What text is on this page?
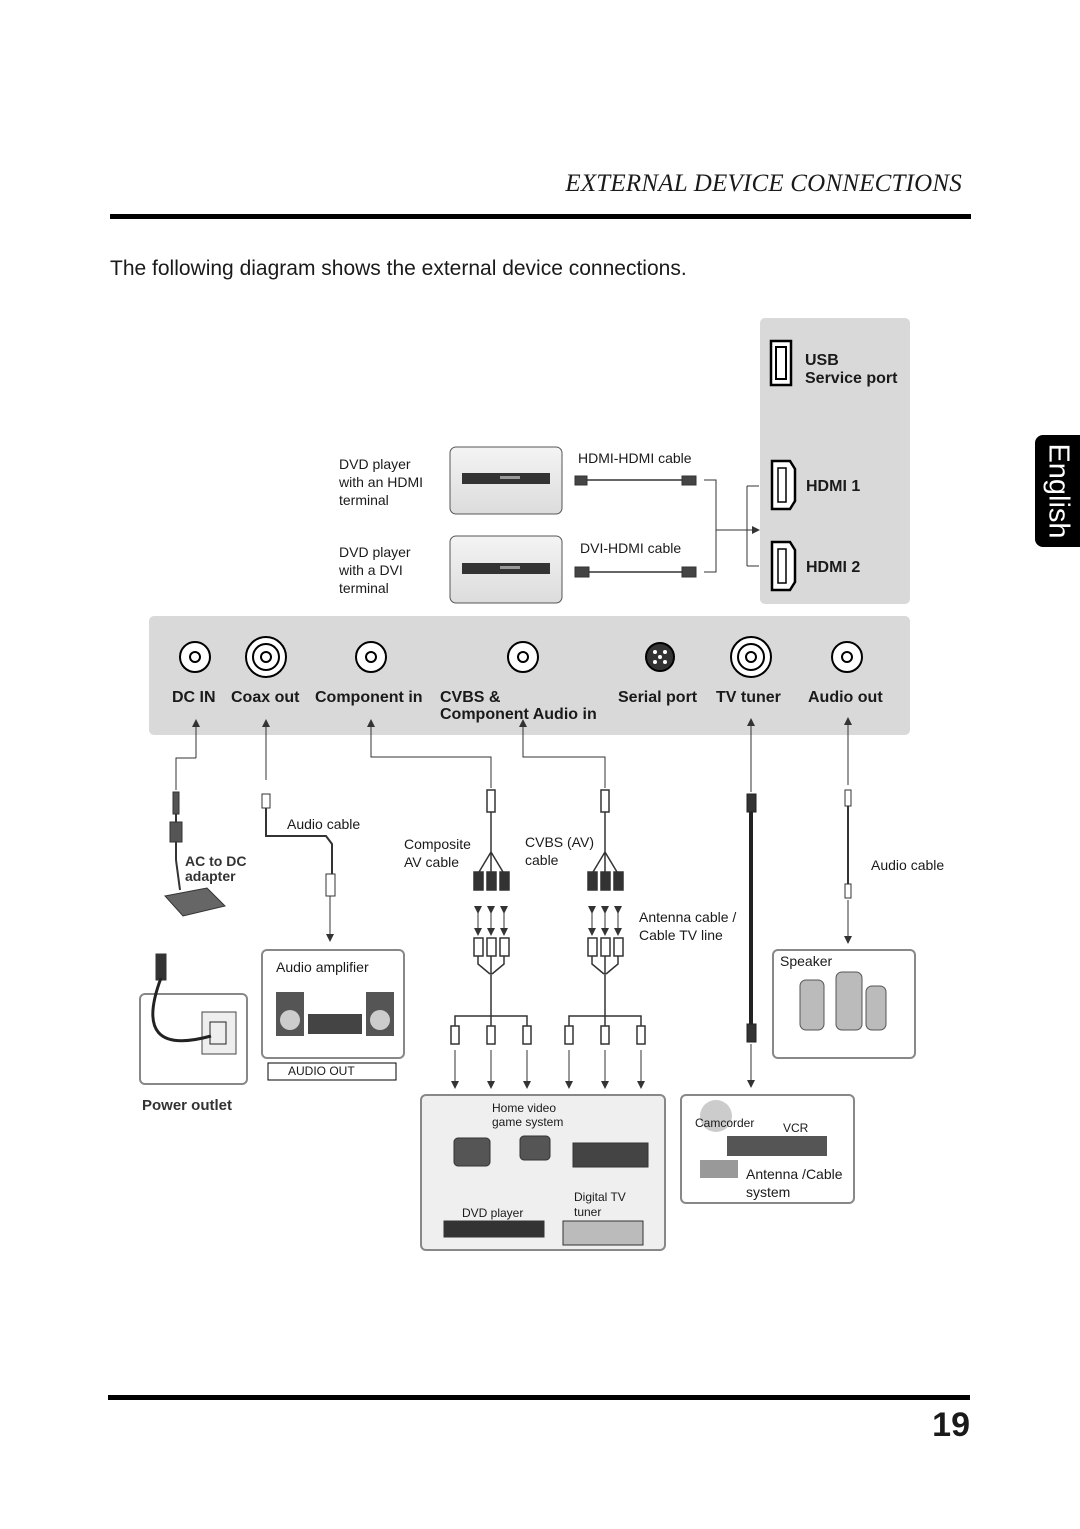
EXTERNAL DEVICE CONNECTIONS
The following diagram shows the external device connections.
English
USB
Service port
HDMI 1
HDMI 2
DVD player
with an HDMI
terminal
DVD player
with a DVI
terminal
HDMI-HDMI cable
DVI-HDMI cable
DC IN Coax out Component in CVBS &
Component Audio in
Serial port TV tuner Audio out
Audio cable
Composite
AV cable
CVBS (AV)
cable
Antenna cable /
Cable TV line
Audio cable
AC to DC
adapter
Power outlet
Audio amplifier
AUDIO OUT
Speaker
Home video
game system
DVD player
Digital TV
tuner
Camcorder VCR
Antenna /Cable
system
19
